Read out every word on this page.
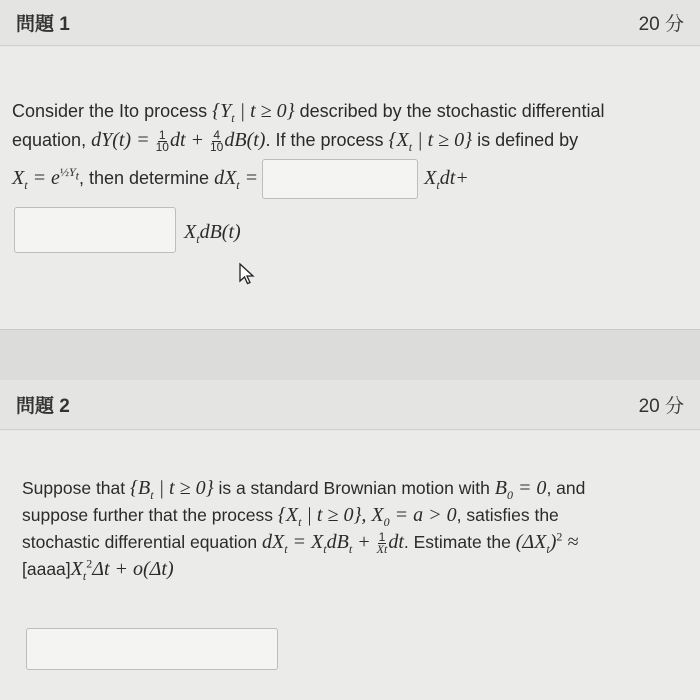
問題 1	20 分
Consider the Ito process {$Y_t$ | t ≥ 0} described by the stochastic differential
equation, $dY(t) = \frac{1}{10}$ dt + $\frac{4}{10} dB(t)$. If the process {$X_t$ | t ≥ 0} is defined by
$X_t = e^{\frac{1}{2}Y_t}$, then determine $dX_t$ =	$X_tdt+$
$X_tdB(t)$
問題 2	20 分
Suppose that {$B_t$ | t ≥ 0} is a standard Brownian motion with $B_0 = 0$, and
suppose further that the process {$X_t$ | t ≥ 0}, $X_0 = a > 0$, satisfies the
stochastic differential equation $dX_t = X_tdB_t + \frac{1}{Xt}$ dt. Estimate the $(\Delta X_t)^2$ ≈
$[aaaa]X_t^2\Delta t + o(\Delta t)$
